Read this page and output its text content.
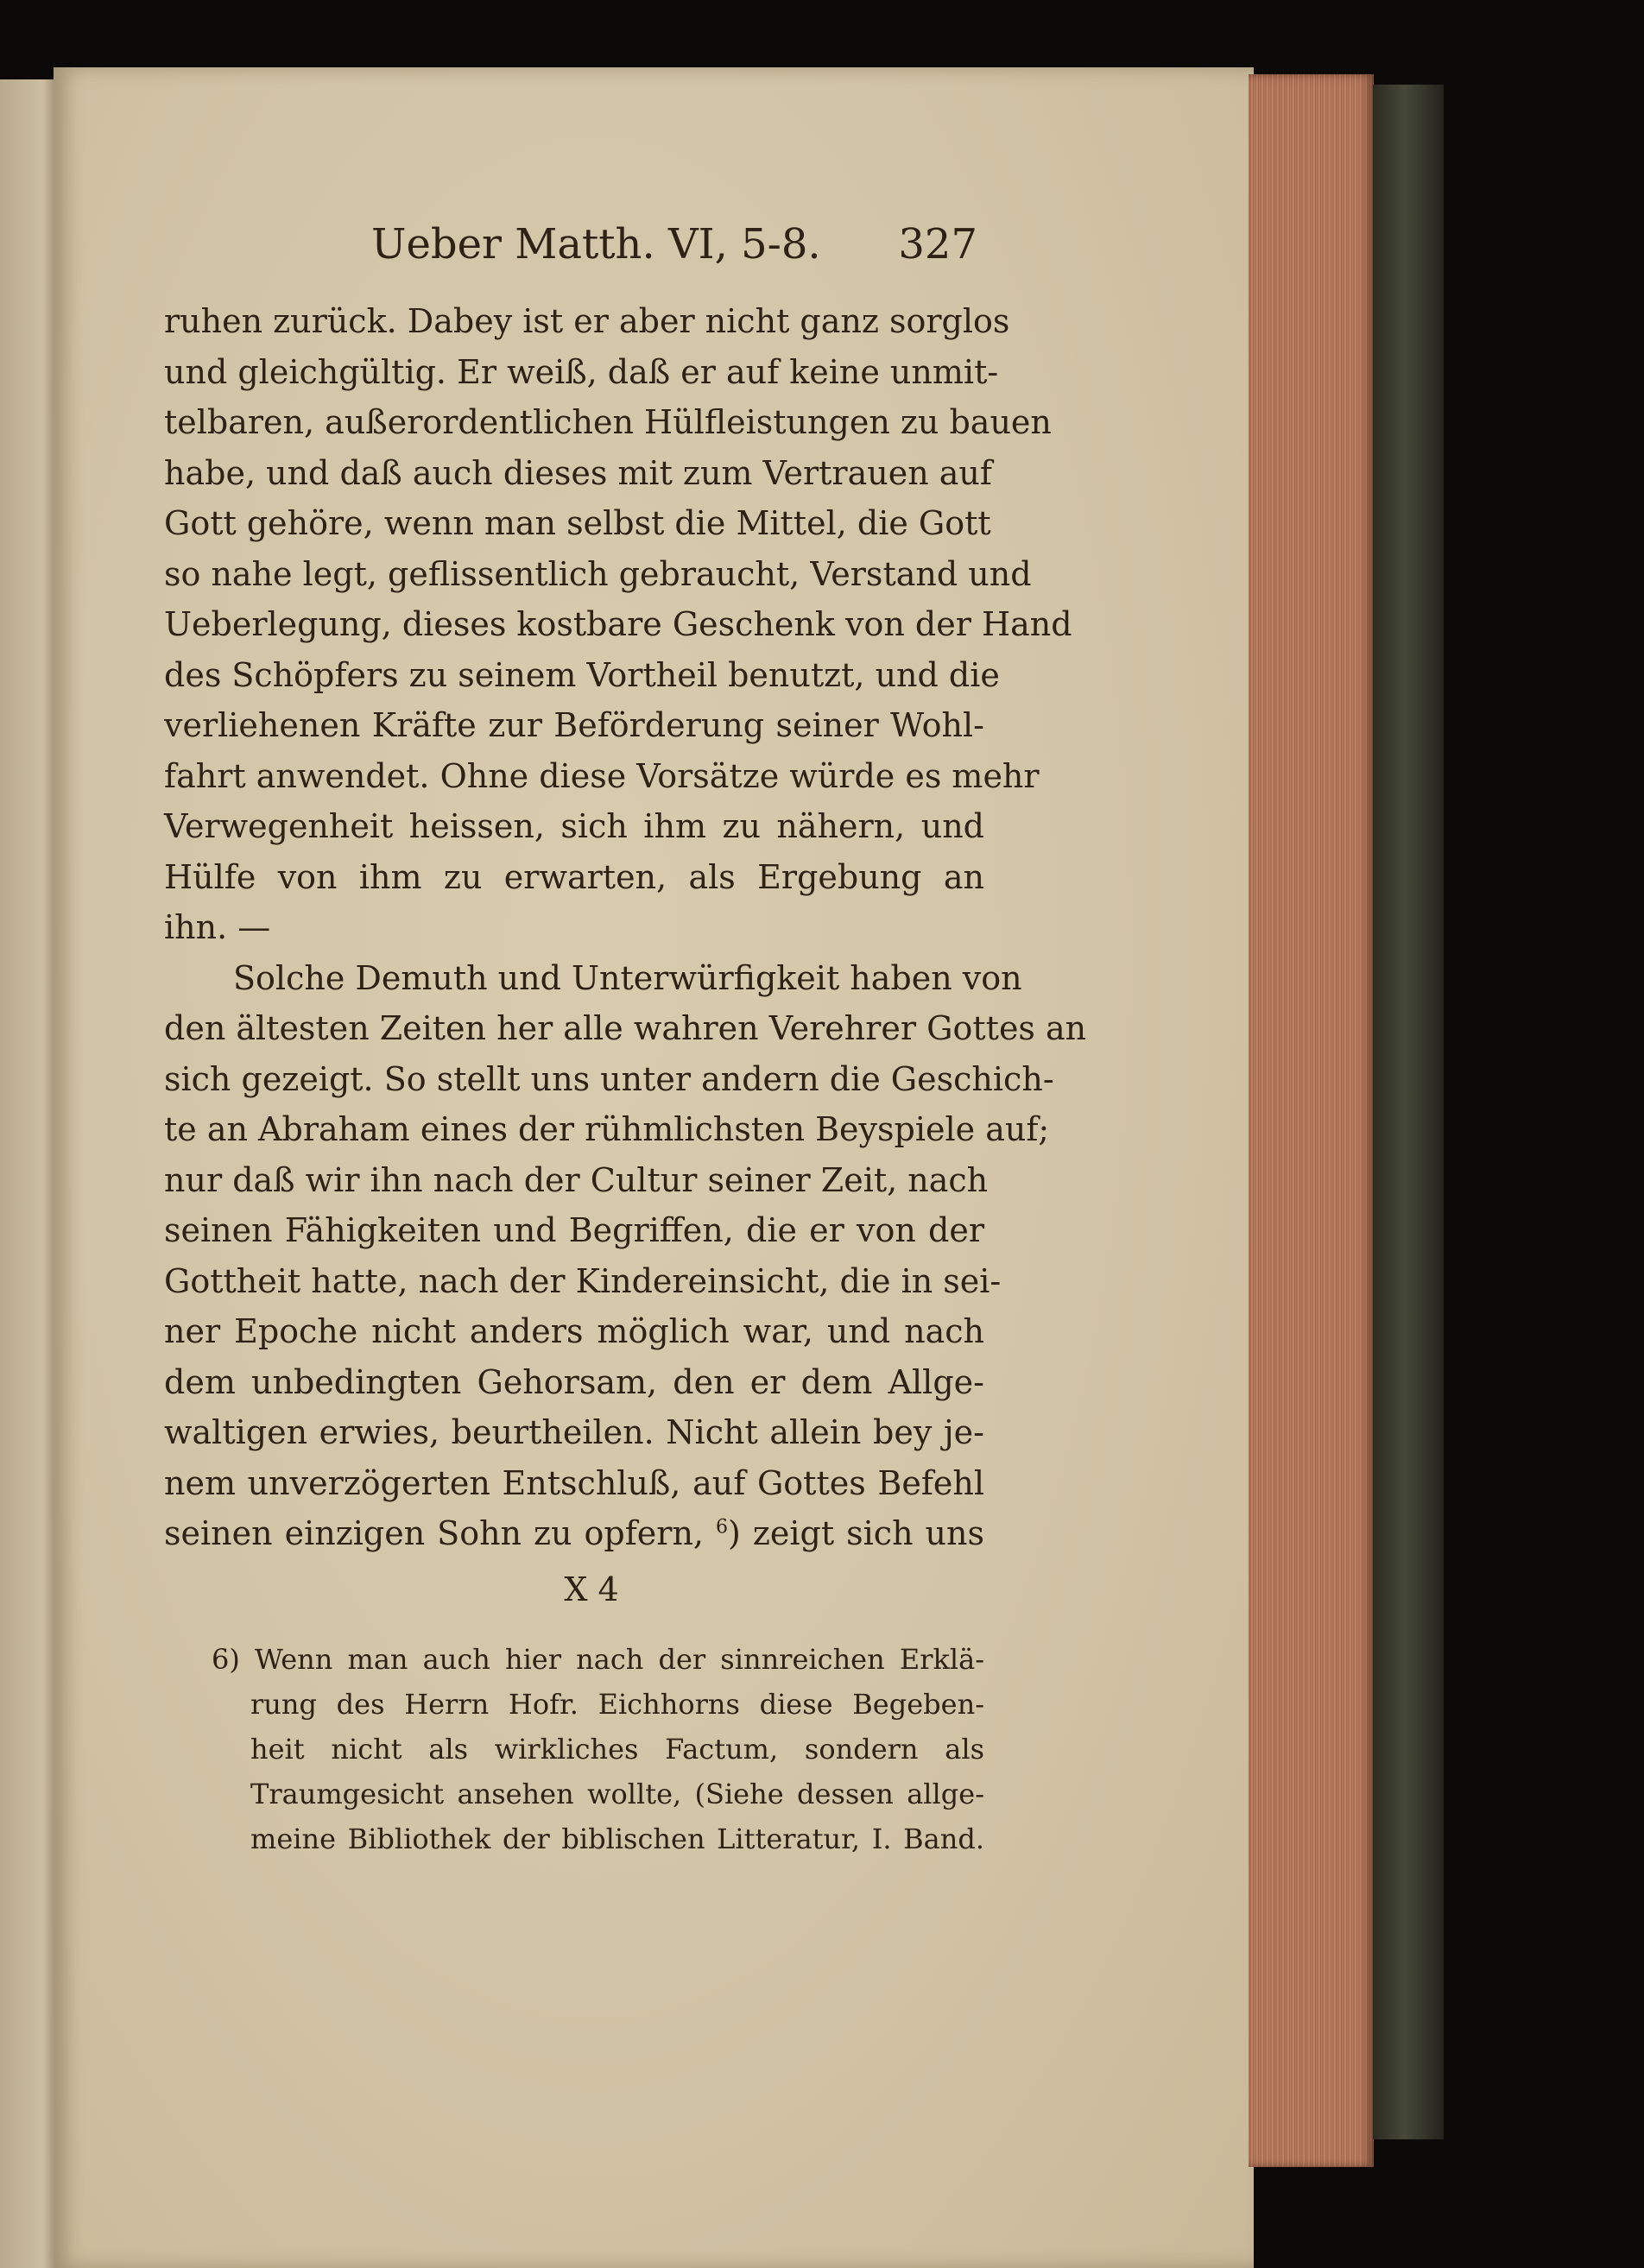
Ueber Matth. VI, 5-8. 327
ruhen zurück. Dabey ist er aber nicht ganz sorglos
und gleichgültig. Er weiß, daß er auf keine unmit-
telbaren, außerordentlichen Hülfleistungen zu bauen
habe, und daß auch dieses mit zum Vertrauen auf
Gott gehöre, wenn man selbst die Mittel, die Gott
so nahe legt, geflissentlich gebraucht, Verstand und
Ueberlegung, dieses kostbare Geschenk von der Hand
des Schöpfers zu seinem Vortheil benutzt, und die
verliehenen Kräfte zur Beförderung seiner Wohl-
fahrt anwendet. Ohne diese Vorsätze würde es mehr
Verwegenheit heissen, sich ihm zu nähern, und
Hülfe von ihm zu erwarten, als Ergebung an
ihn. —
Solche Demuth und Unterwürfigkeit haben von
den ältesten Zeiten her alle wahren Verehrer Gottes an
sich gezeigt. So stellt uns unter andern die Geschich-
te an Abraham eines der rühmlichsten Beyspiele auf;
nur daß wir ihn nach der Cultur seiner Zeit, nach
seinen Fähigkeiten und Begriffen, die er von der
Gottheit hatte, nach der Kindereinsicht, die in sei-
ner Epoche nicht anders möglich war, und nach
dem unbedingten Gehorsam, den er dem Allge-
waltigen erwies, beurtheilen. Nicht allein bey je-
nem unverzögerten Entschluß, auf Gottes Befehl
seinen einzigen Sohn zu opfern, $^6$) zeigt sich uns
X 4
6) Wenn man auch hier nach der sinnreichen Erklä-
rung des Herrn Hofr. Eichhorns diese Begeben-
heit nicht als wirkliches Factum, sondern als
Traumgesicht ansehen wollte, (Siehe dessen allge-
meine Bibliothek der biblischen Litteratur, I. Band.
